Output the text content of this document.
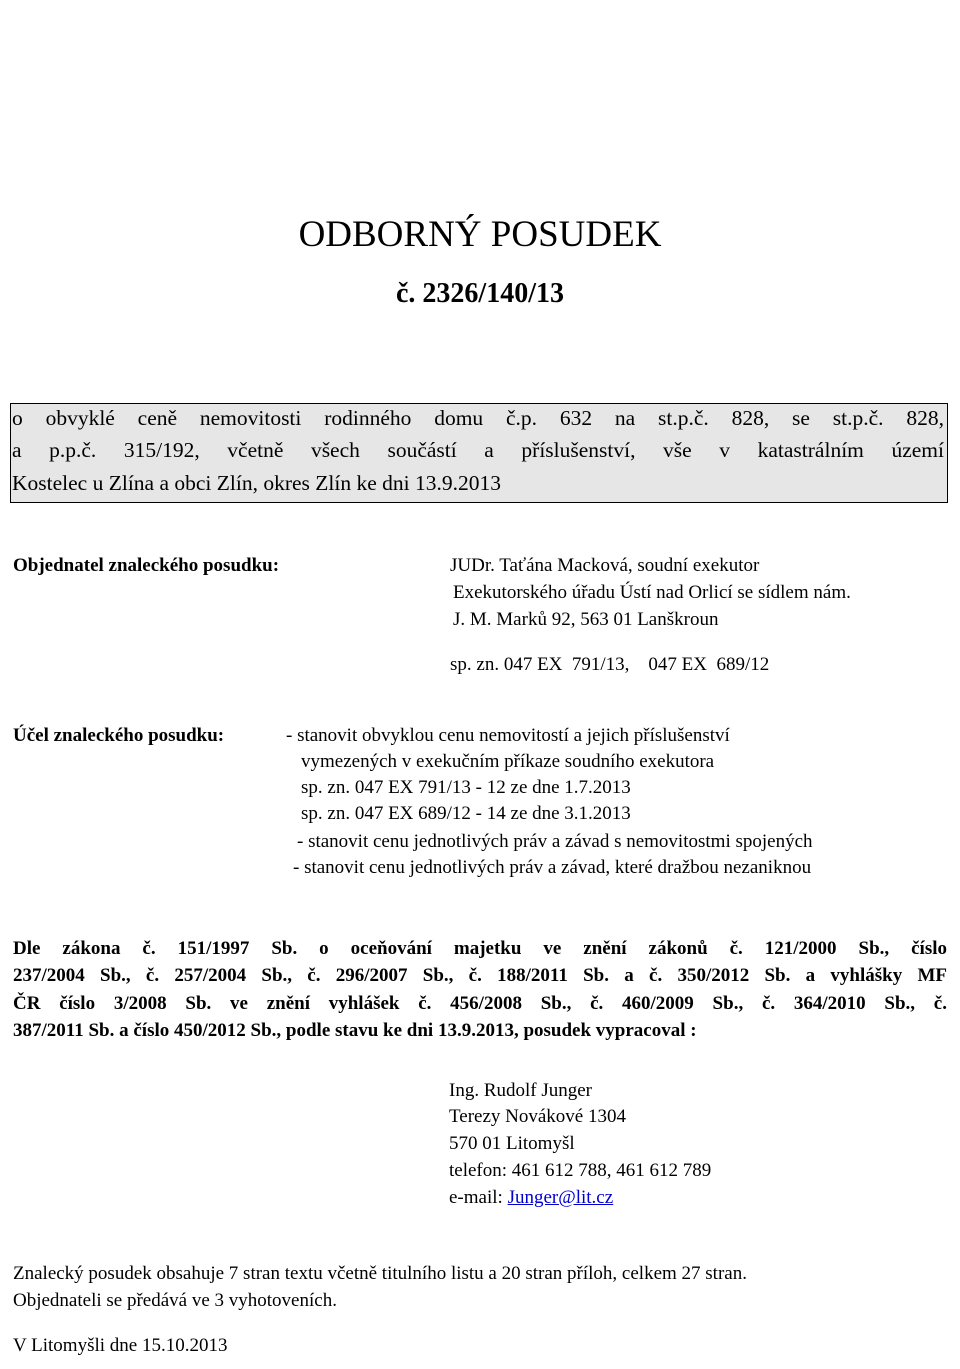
ODBORNÝ POSUDEK
č. 2326/140/13
o obvyklé ceně nemovitosti rodinného domu č.p. 632 na st.p.č. 828, se st.p.č. 828,
a p.p.č. 315/192, včetně všech součástí a příslušenství, vše v katastrálním území
Kostelec u Zlína a obci Zlín, okres Zlín ke dni 13.9.2013
Objednatel znaleckého posudku:	JUDr. Taťána Macková, soudní exekutor
Exekutorského úřadu Ústí nad Orlicí se sídlem nám.
J. M. Marků 92, 563 01 Lanškroun
sp. zn. 047 EX  791/13,    047 EX  689/12
Účel znaleckého posudku:	- stanovit obvyklou cenu nemovitostí a jejich příslušenství
vymezených v exekučním příkaze soudního exekutora
sp. zn. 047 EX 791/13 - 12 ze dne 1.7.2013
sp. zn. 047 EX 689/12 - 14 ze dne 3.1.2013
- stanovit cenu jednotlivých práv a závad s nemovitostmi spojených
- stanovit cenu jednotlivých práv a závad, které dražbou nezaniknou
Dle zákona č. 151/1997 Sb. o oceňování majetku ve znění zákonů č. 121/2000 Sb., číslo
237/2004 Sb., č. 257/2004 Sb., č. 296/2007 Sb., č. 188/2011 Sb. a č. 350/2012 Sb. a vyhlášky MF
ČR číslo 3/2008 Sb. ve znění vyhlášek č. 456/2008 Sb., č. 460/2009 Sb., č. 364/2010 Sb., č.
387/2011 Sb. a číslo 450/2012 Sb., podle stavu ke dni 13.9.2013, posudek vypracoval :
Ing. Rudolf Junger
Terezy Novákové 1304
570 01 Litomyšl
telefon: 461 612 788, 461 612 789
e-mail: Junger@lit.cz
Znalecký posudek obsahuje 7 stran textu včetně titulního listu a 20 stran příloh, celkem 27 stran.
Objednateli se předává ve 3 vyhotoveních.
V Litomyšli dne 15.10.2013
